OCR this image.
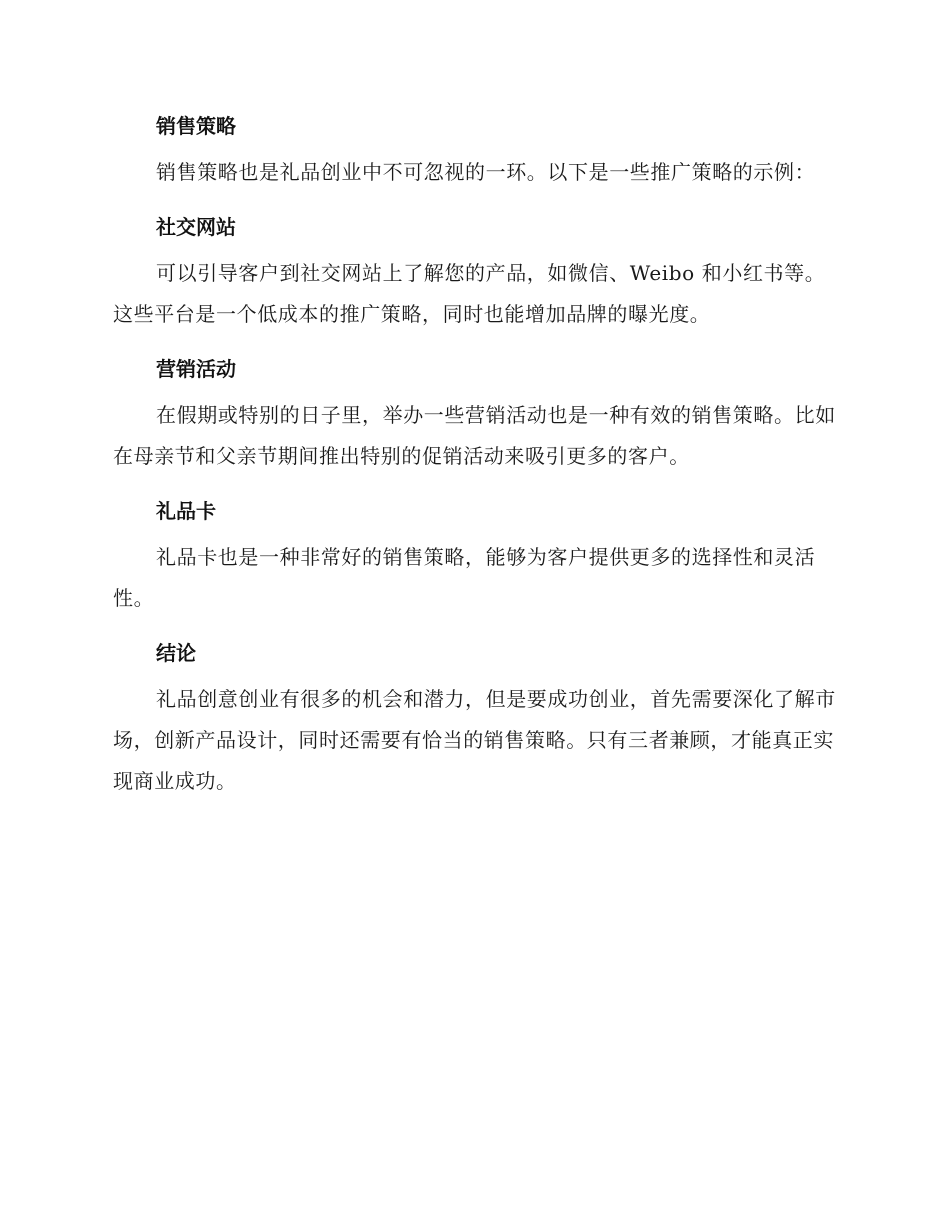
销售策略

销售策略也是礼品创业中不可忽视的一环。以下是一些推广策略的示例：

社交网站

可以引导客户到社交网站上了解您的产品，如微信、Weibo 和小红书等。这些平台是一个低成本的推广策略，同时也能增加品牌的曝光度。

营销活动

在假期或特别的日子里，举办一些营销活动也是一种有效的销售策略。比如在母亲节和父亲节期间推出特别的促销活动来吸引更多的客户。

礼品卡

礼品卡也是一种非常好的销售策略，能够为客户提供更多的选择性和灵活性。

结论

礼品创意创业有很多的机会和潜力，但是要成功创业，首先需要深化了解市场，创新产品设计，同时还需要有恰当的销售策略。只有三者兼顾，才能真正实现商业成功。
